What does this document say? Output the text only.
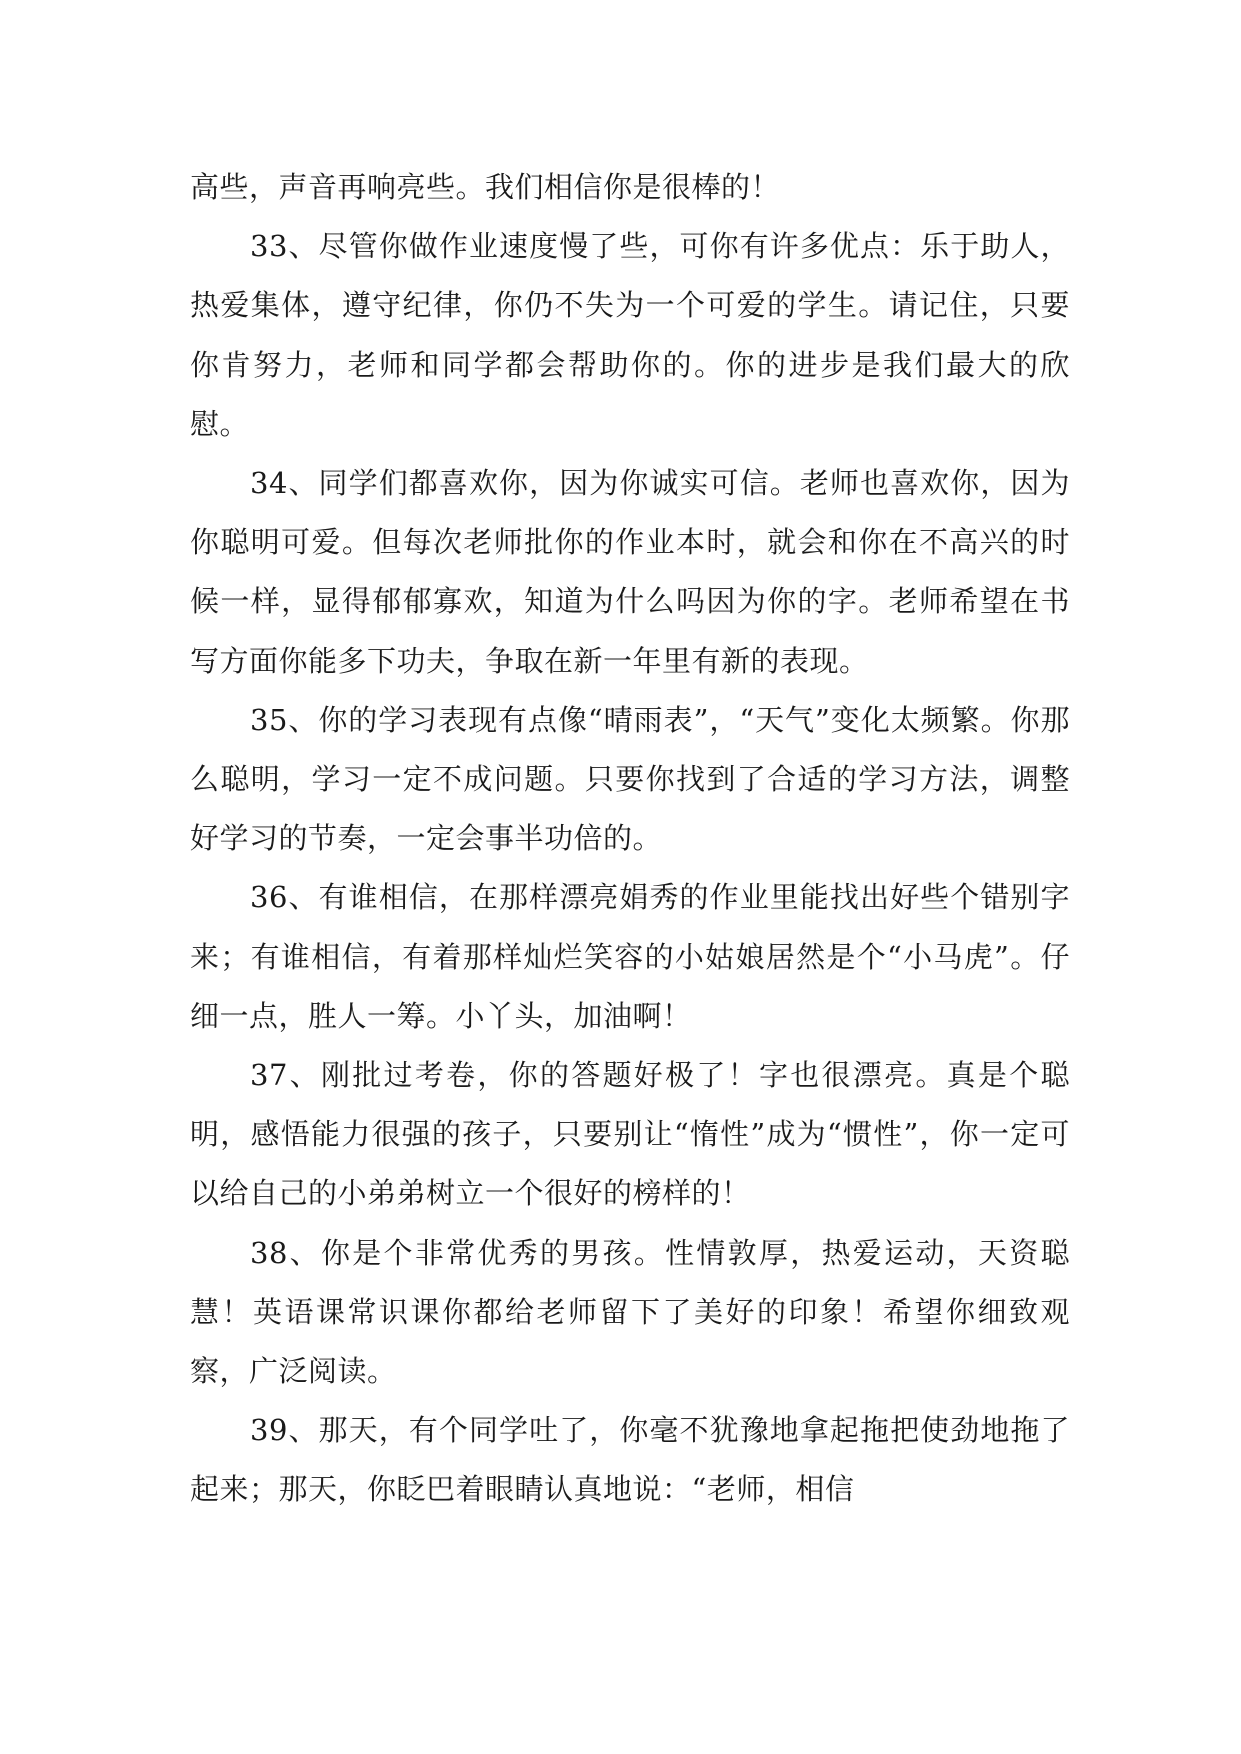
高些，声音再响亮些。我们相信你是很棒的！

33、尽管你做作业速度慢了些，可你有许多优点：乐于助人，热爱集体，遵守纪律，你仍不失为一个可爱的学生。请记住，只要你肯努力，老师和同学都会帮助你的。你的进步是我们最大的欣慰。

34、同学们都喜欢你，因为你诚实可信。老师也喜欢你，因为你聪明可爱。但每次老师批你的作业本时，就会和你在不高兴的时候一样，显得郁郁寡欢，知道为什么吗因为你的字。老师希望在书写方面你能多下功夫，争取在新一年里有新的表现。

35、你的学习表现有点像“晴雨表”，“天气”变化太频繁。你那么聪明，学习一定不成问题。只要你找到了合适的学习方法，调整好学习的节奏，一定会事半功倍的。

36、有谁相信，在那样漂亮娟秀的作业里能找出好些个错别字来；有谁相信，有着那样灿烂笑容的小姑娘居然是个“小马虎”。仔细一点，胜人一筹。小丫头，加油啊！

37、刚批过考卷，你的答题好极了！字也很漂亮。真是个聪明，感悟能力很强的孩子，只要别让“惰性”成为“惯性”，你一定可以给自己的小弟弟树立一个很好的榜样的！

38、你是个非常优秀的男孩。性情敦厚，热爱运动，天资聪慧！英语课常识课你都给老师留下了美好的印象！希望你细致观察，广泛阅读。

39、那天，有个同学吐了，你毫不犹豫地拿起拖把使劲地拖了起来；那天，你眨巴着眼睛认真地说：“老师，相信
